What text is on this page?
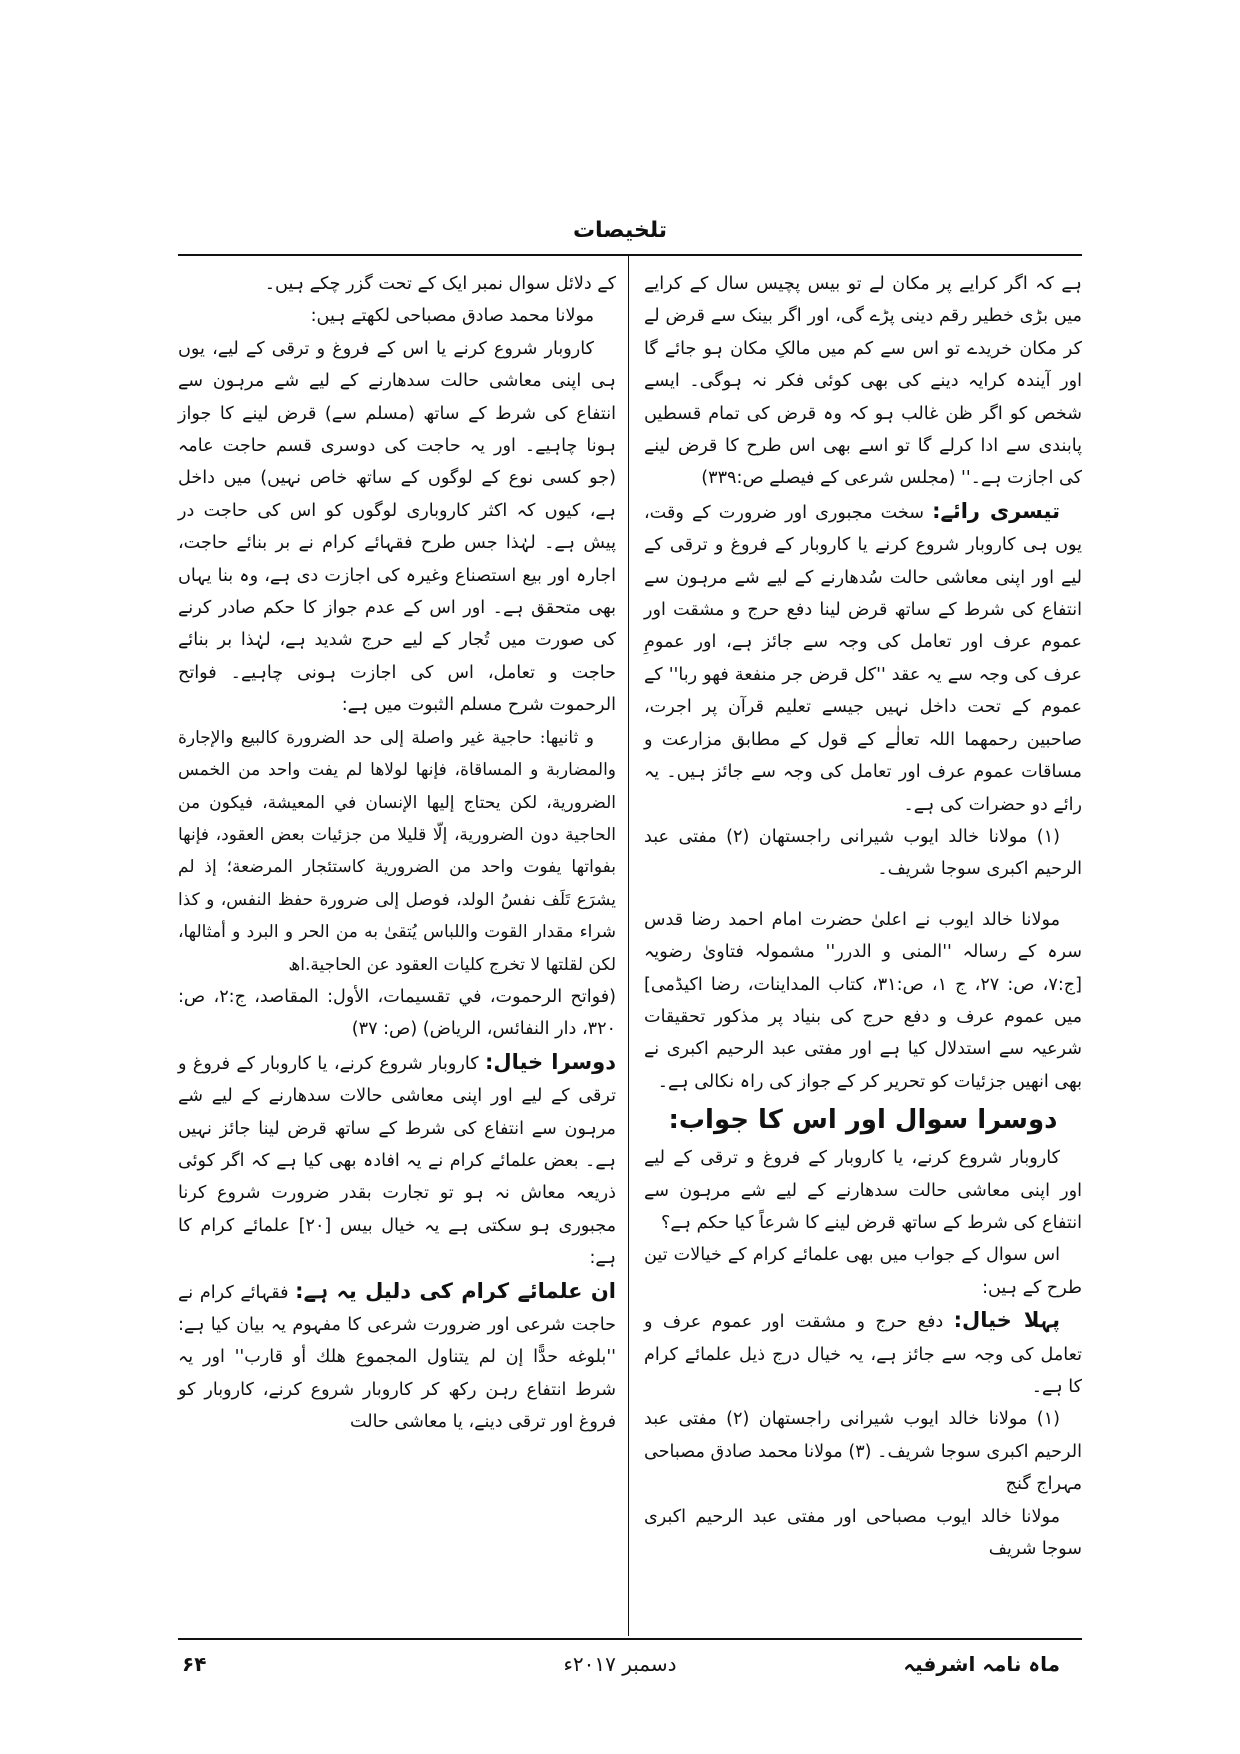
تلخیصات

ہے کہ اگر کرایے پر مکان لے تو بیس پچیس سال کے کرایے میں بڑی خطیر رقم دینی پڑے گی، اور اگر بینک سے قرض لے کر مکان خریدے تو اس سے کم میں مالکِ مکان ہو جائے گا اور آیندہ کرایہ دینے کی بھی کوئی فکر نہ ہوگی۔ ایسے شخص کو اگر ظن غالب ہو کہ وہ قرض کی تمام قسطیں پابندی سے ادا کرلے گا تو اسے بھی اس طرح کا قرض لینے کی اجازت ہے۔'' (مجلس شرعی کے فیصلے ص:۳۳۹)

تیسری رائے: سخت مجبوری اور ضرورت کے وقت، یوں ہی کاروبار شروع کرنے یا کاروبار کے فروغ و ترقی کے لیے اور اپنی معاشی حالت سُدھارنے کے لیے شے مرہون سے انتفاع کی شرط کے ساتھ قرض لینا دفع حرج و مشقت اور عموم عرف اور تعامل کی وجہ سے جائز ہے، اور عمومِ عرف کی وجہ سے یہ عقد ''کل قرض جر منفعة فھو ربا'' کے عموم کے تحت داخل نہیں جیسے تعلیم قرآن پر اجرت، صاحبین رحمھما اللہ تعالٰے کے قول کے مطابق مزارعت و مساقات عموم عرف اور تعامل کی وجہ سے جائز ہیں۔ یہ رائے دو حضرات کی ہے۔

(۱) مولانا خالد ایوب شیرانی راجستھان (۲) مفتی عبد الرحیم اکبری سوجا شریف۔

مولانا خالد ایوب نے اعلیٰ حضرت امام احمد رضا قدس سرہ کے رسالہ ''المنی و الدرر'' مشمولہ فتاویٰ رضویہ [ج:۷، ص: ۲۷، ج ۱، ص:۳۱، کتاب المداینات، رضا اکیڈمی] میں عموم عرف و دفع حرج کی بنیاد پر مذکور تحقیقات شرعیہ سے استدلال کیا ہے اور مفتی عبد الرحیم اکبری نے بھی انھیں جزئیات کو تحریر کر کے جواز کی راہ نکالی ہے۔

دوسرا سوال اور اس کا جواب:

کاروبار شروع کرنے، یا کاروبار کے فروغ و ترقی کے لیے اور اپنی معاشی حالت سدھارنے کے لیے شے مرہون سے انتفاع کی شرط کے ساتھ قرض لینے کا شرعاً کیا حکم ہے؟

اس سوال کے جواب میں بھی علمائے کرام کے خیالات تین طرح کے ہیں:

پہلا خیال: دفع حرج و مشقت اور عموم عرف و تعامل کی وجہ سے جائز ہے، یہ خیال درج ذیل علمائے کرام کا ہے۔

(۱) مولانا خالد ایوب شیرانی راجستھان (۲) مفتی عبد الرحیم اکبری سوجا شریف۔ (۳) مولانا محمد صادق مصباحی مہراج گنج

مولانا خالد ایوب مصباحی اور مفتی عبد الرحیم اکبری سوجا شریف

کے دلائل سوال نمبر ایک کے تحت گزر چکے ہیں۔

مولانا محمد صادق مصباحی لکھتے ہیں:

کاروبار شروع کرنے یا اس کے فروغ و ترقی کے لیے، یوں ہی اپنی معاشی حالت سدھارنے کے لیے شے مرہون سے انتفاع کی شرط کے ساتھ (مسلم سے) قرض لینے کا جواز ہونا چاہیے۔ اور یہ حاجت کی دوسری قسم حاجت عامہ (جو کسی نوع کے لوگوں کے ساتھ خاص نہیں) میں داخل ہے، کیوں کہ اکثر کاروباری لوگوں کو اس کی حاجت در پیش ہے۔ لہٰذا جس طرح فقہائے کرام نے بر بنائے حاجت، اجارہ اور بیع استصناع وغیرہ کی اجازت دی ہے، وہ بنا یہاں بھی متحقق ہے۔ اور اس کے عدم جواز کا حکم صادر کرنے کی صورت میں تُجار کے لیے حرج شدید ہے، لہٰذا بر بنائے حاجت و تعامل، اس کی اجازت ہونی چاہیے۔ فواتح الرحموت شرح مسلم الثبوت میں ہے:

و ثانيها: حاجية غير واصلة إلى حد الضرورة كالبيع والإجارة والمضاربة و المساقاة، فإنها لولاها لم يفت واحد من الخمس الضرورية، لكن يحتاج إليها الإنسان في المعيشة، فيكون من الحاجية دون الضرورية، إلّا قليلا من جزئيات بعض العقود، فإنها بفواتها يفوت واحد من الضرورية كاستئجار المرضعة؛ إذ لم يشرَع تَلَف نفسُ الولد، فوصل إلى ضرورة حفظ النفس، و كذا شراء مقدار القوت واللباس يُتقىٰ به من الحر و البرد و أمثالها، لكن لقلتها لا تخرج كليات العقود عن الحاجية.اھ

(فواتح الرحموت، في تقسيمات، الأول: المقاصد، ج:۲، ص: ۳۲۰، دار النفائس، الرياض) (ص: ۳۷)

دوسرا خیال: کاروبار شروع کرنے، یا کاروبار کے فروغ و ترقی کے لیے اور اپنی معاشی حالات سدھارنے کے لیے شے مرہون سے انتفاع کی شرط کے ساتھ قرض لینا جائز نہیں ہے۔ بعض علمائے کرام نے یہ افادہ بھی کیا ہے کہ اگر کوئی ذریعہ معاش نہ ہو تو تجارت بقدر ضرورت شروع کرنا مجبوری ہو سکتی ہے یہ خیال بیس [۲۰] علمائے کرام کا ہے:

ان علمائے کرام کی دلیل یہ ہے: فقہائے کرام نے حاجت شرعی اور ضرورت شرعی کا مفہوم یہ بیان کیا ہے: ''بلوغه حدًّا إن لم يتناول المجموع هلك أو قارب'' اور یہ شرط انتفاع رہن رکھ کر کاروبار شروع کرنے، کاروبار کو فروغ اور ترقی دینے، یا معاشی حالت

ماہ نامہ اشرفیہ
دسمبر ۲۰۱۷ء
۶۴
